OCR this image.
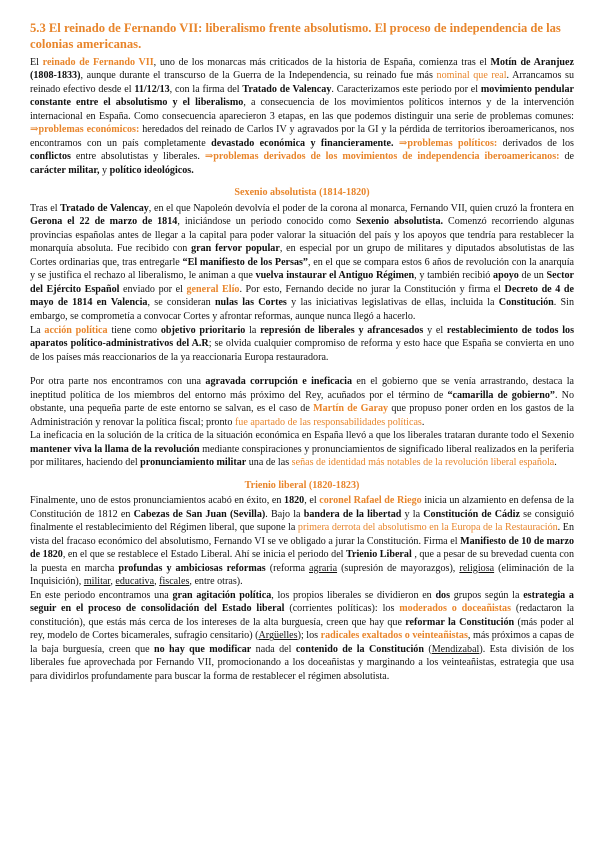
5.3 El reinado de Fernando VII: liberalismo frente absolutismo. El proceso de independencia de las colonias americanas.

El reinado de Fernando VII, uno de los monarcas más criticados de la historia de España, comienza tras el Motín de Aranjuez (1808-1833), aunque durante el transcurso de la Guerra de la Independencia, su reinado fue más nominal que real. Arrancamos su reinado efectivo desde el 11/12/13, con la firma del Tratado de Valencay. Caracterizamos este periodo por el movimiento pendular constante entre el absolutismo y el liberalismo, a consecuencia de los movimientos políticos internos y de la intervención internacional en España. Como consecuencia aparecieron 3 etapas, en las que podemos distinguir una serie de problemas comunes: ⇒problemas económicos: heredados del reinado de Carlos IV y agravados por la GI y la pérdida de territorios iberoamericanos, nos encontramos con un país completamente devastado económica y financieramente. ⇒problemas políticos: derivados de los conflictos entre absolutistas y liberales. ⇒problemas derivados de los movimientos de independencia iberoamericanos: de carácter militar, y político ideológicos.

Sexenio absolutista (1814-1820)

Tras el Tratado de Valencay, en el que Napoleón devolvía el poder de la corona al monarca, Fernando VII, quien cruzó la frontera en Gerona el 22 de marzo de 1814, iniciándose un periodo conocido como Sexenio absolutista. Comenzó recorriendo algunas provincias españolas antes de llegar a la capital para poder valorar la situación del país y los apoyos que tendría para restablecer la monarquía absoluta. Fue recibido con gran fervor popular, en especial por un grupo de militares y diputados absolutistas de las Cortes ordinarias que, tras entregarle “El manifiesto de los Persas”, en el que se compara estos 6 años de revolución con la anarquía y se justifica el rechazo al liberalismo, le animan a que vuelva instaurar el Antiguo Régimen, y también recibió apoyo de un Sector del Ejército Español enviado por el general Elío. Por esto, Fernando decide no jurar la Constitución y firma el Decreto de 4 de mayo de 1814 en Valencia, se consideran nulas las Cortes y las iniciativas legislativas de ellas, incluida la Constitución. Sin embargo, se comprometía a convocar Cortes y afrontar reformas, aunque nunca llegó a hacerlo.

La acción política tiene como objetivo prioritario la represión de liberales y afrancesados y el restablecimiento de todos los aparatos político-administrativos del A.R; se olvida cualquier compromiso de reforma y esto hace que España se convierta en uno de los países más reaccionarios de la ya reaccionaria Europa restauradora.

Por otra parte nos encontramos con una agravada corrupción e ineficacia en el gobierno que se venía arrastrando, destaca la ineptitud política de los miembros del entorno más próximo del Rey, acuñados por el término de “camarilla de gobierno”. No obstante, una pequeña parte de este entorno se salvan, es el caso de Martín de Garay que propuso poner orden en los gastos de la Administración y renovar la política fiscal; pronto fue apartado de las responsabilidades políticas.

La ineficacia en la solución de la crítica de la situación económica en España llevó a que los liberales trataran durante todo el Sexenio mantener viva la llama de la revolución mediante conspiraciones y pronunciamientos de significado liberal realizados en la periferia por militares, haciendo del pronunciamiento militar una de las señas de identidad más notables de la revolución liberal española.

Trienio liberal (1820-1823)

Finalmente, uno de estos pronunciamientos acabó en éxito, en 1820, el coronel Rafael de Riego inicia un alzamiento en defensa de la Constitución de 1812 en Cabezas de San Juan (Sevilla). Bajo la bandera de la libertad y la Constitución de Cádiz se consiguió finalmente el restablecimiento del Régimen liberal, que supone la primera derrota del absolutismo en la Europa de la Restauración. En vista del fracaso económico del absolutismo, Fernando VI se ve obligado a jurar la Constitución. Firma el Manifiesto de 10 de marzo de 1820, en el que se restablece el Estado Liberal. Ahí se inicia el periodo del Trienio Liberal , que a pesar de su brevedad cuenta con la puesta en marcha profundas y ambiciosas reformas (reforma agraria (supresión de mayorazgos), religiosa (eliminación de la Inquisición), militar, educativa, fiscales, entre otras).

En este periodo encontramos una gran agitación política, los propios liberales se dividieron en dos grupos según la estrategia a seguir en el proceso de consolidación del Estado liberal (corrientes políticas): los moderados o doceañistas (redactaron la constitución), que estás más cerca de los intereses de la alta burguesía, creen que hay que reformar la Constitución (más poder al rey, modelo de Cortes bicamerales, sufragio censitario) (Argüelles); los radicales exaltados o veinteañistas, más próximos a capas de la baja burguesía, creen que no hay que modificar nada del contenido de la Constitución (Mendizabal). Esta división de los liberales fue aprovechada por Fernando VII, promocionando a los doceañistas y marginando a los veinteañistas, estrategia que usa para dividirlos profundamente para buscar la forma de restablecer el régimen absolutista.
